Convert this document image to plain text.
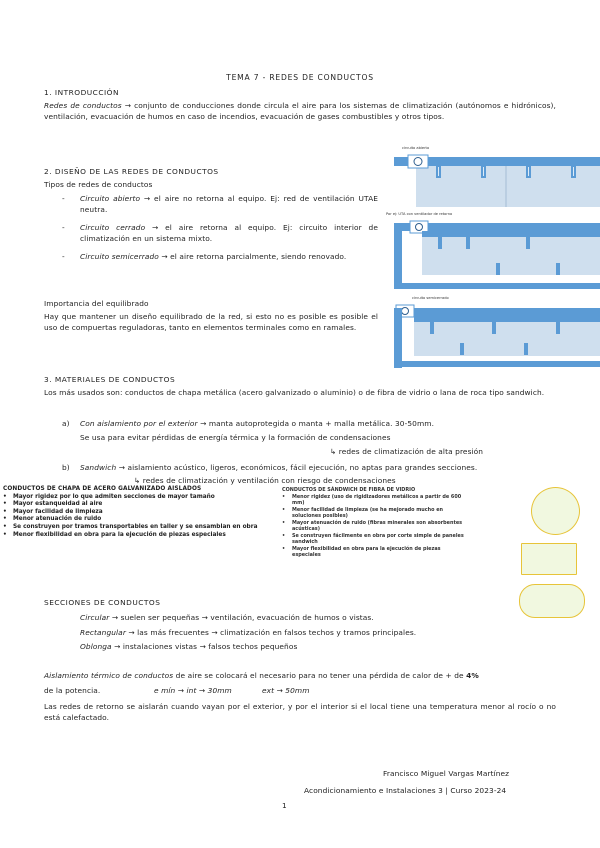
TEMA 7 - REDES DE CONDUCTOS
1. INTRODUCCIÓN
Redes de conductos → conjunto de conducciones donde circula el aire para los sistemas de climatización (autónomos e hidrónicos), ventilación, evacuación de humos en caso de incendios, evacuación de gases combustibles y otros tipos.
2. DISEÑO DE LAS REDES DE CONDUCTOS
Tipos de redes de conductos
-	Circuito abierto → el aire no retorna al equipo. Ej: red de ventilación UTAE neutra.
-	Circuito cerrado → el aire retorna al equipo. Ej: circuito interior de climatización en un sistema mixto.
-	Circuito semicerrado → el aire retorna parcialmente, siendo renovado.
Importancia del equilibrado
Hay que mantener un diseño equilibrado de la red, si esto no es posible es posible el uso de compuertas reguladoras, tanto en elementos terminales como en ramales.
circuito abierto
Por ej: UTA con ventilador de retorno
circuito semicerrado
3. MATERIALES DE CONDUCTOS
Los más usados son: conductos de chapa metálica (acero galvanizado o aluminio) o de fibra de vidrio o lana de roca tipo sandwich.
a) Con aislamiento por el exterior → manta autoprotegida o manta + malla metálica. 30-50mm.
Se usa para evitar pérdidas de energía térmica y la formación de condensaciones
↳ redes de climatización de alta presión
b) Sandwich → aislamiento acústico, ligeros, económicos, fácil ejecución, no aptas para grandes secciones.
↳ redes de climatización y ventilación con riesgo de condensaciones
CONDUCTOS DE CHAPA DE ACERO GALVANIZADO AISLADOS
•	Mayor rigidez por lo que admiten secciones de mayor tamaño
•	Mayor estanqueidad al aire
•	Mayor facilidad de limpieza
•	Menor atenuación de ruido
•	Se construyen por tramos transportables en taller y se ensamblan en obra
•	Menor flexibilidad en obra para la ejecución de piezas especiales
CONDUCTOS DE SÁNDWICH DE FIBRA DE VIDRIO
•	Menor rigidez (uso de rigidizadores metálicos a partir de 600 mm)
•	Menor facilidad de limpieza (se ha mejorado mucho en soluciones posibles)
•	Mayor atenuación de ruido (fibras minerales son absorbentes acústicas)
•	Se construyen fácilmente en obra por corte simple de paneles sandwich
•	Mayor flexibilidad en obra para la ejecución de piezas especiales
SECCIONES DE CONDUCTOS
Circular → suelen ser pequeñas → ventilación, evacuación de humos o vistas.
Rectangular → las más frecuentes → climatización en falsos techos y tramos principales.
Oblonga → instalaciones vistas → falsos techos pequeños
Aislamiento térmico de conductos de aire se colocará el necesario para no tener una pérdida de calor de + de 4%
de la potencia.	e mín → int → 30mm	ext → 50mm
Las redes de retorno se aislarán cuando vayan por el exterior, y por el interior si el local tiene una temperatura menor al rocío o no está calefactado.
Francisco Miguel Vargas Martínez
Acondicionamiento e Instalaciones 3 | Curso 2023-24
1
